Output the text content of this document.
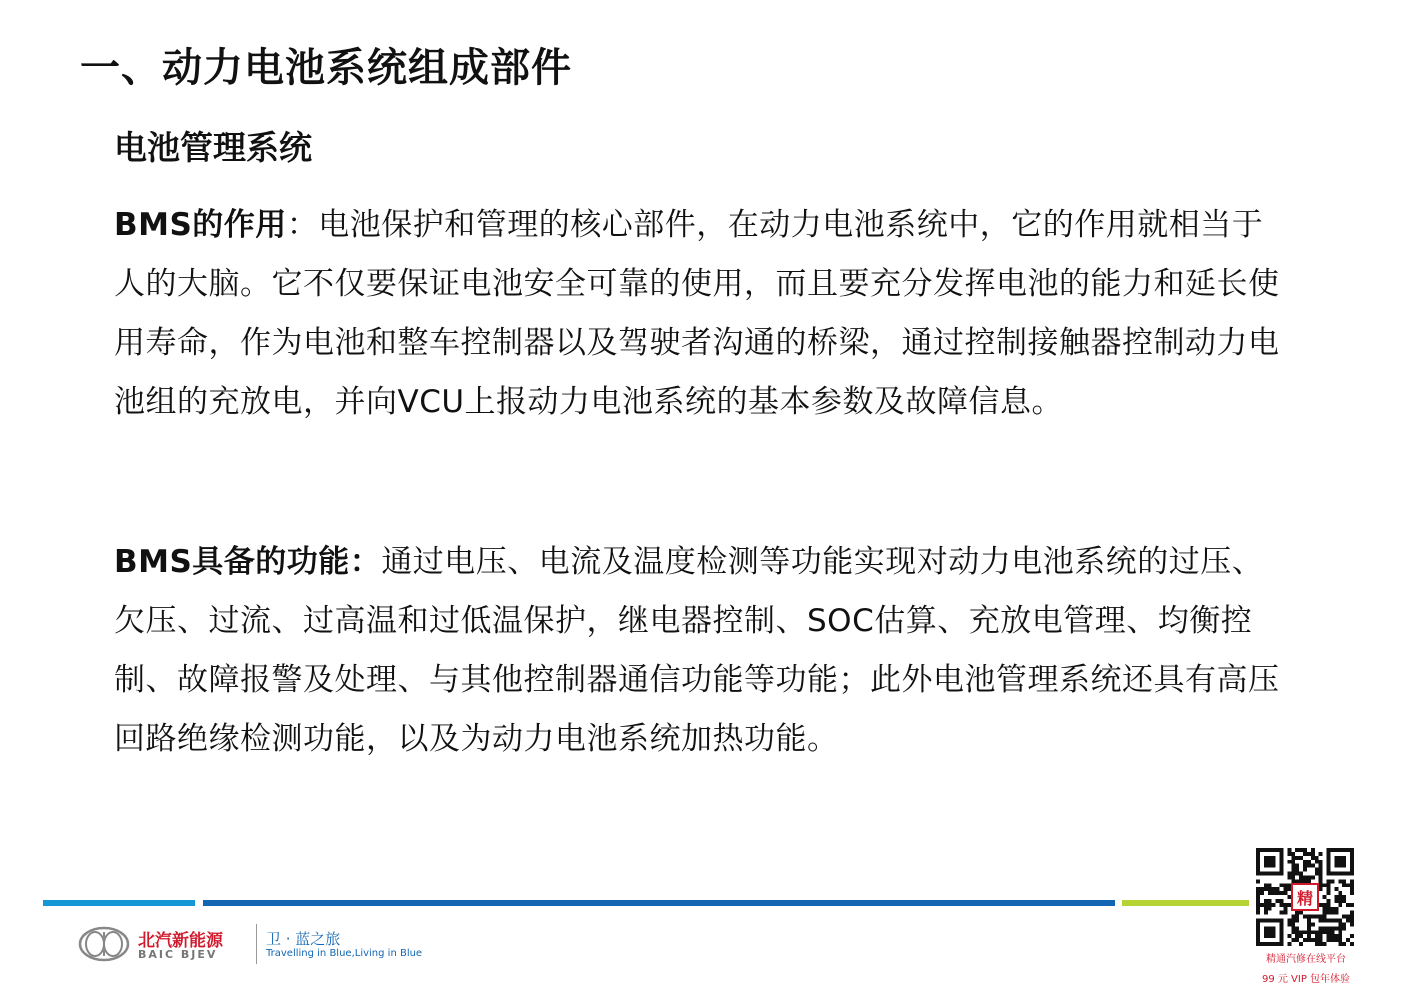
一、动力电池系统组成部件
电池管理系统
BMS的作用：电池保护和管理的核心部件，在动力电池系统中，它的作用就相当于人的大脑。它不仅要保证电池安全可靠的使用，而且要充分发挥电池的能力和延长使用寿命，作为电池和整车控制器以及驾驶者沟通的桥梁，通过控制接触器控制动力电池组的充放电，并向VCU上报动力电池系统的基本参数及故障信息。
BMS具备的功能：通过电压、电流及温度检测等功能实现对动力电池系统的过压、欠压、过流、过高温和过低温保护，继电器控制、SOC估算、充放电管理、均衡控制、故障报警及处理、与其他控制器通信功能等功能；此外电池管理系统还具有高压回路绝缘检测功能，以及为动力电池系统加热功能。
北汽新能源
BAIC BJEV
卫 · 蓝之旅
Travelling in Blue,Living in Blue
精
精通汽修在线平台
99 元 VIP 包年体验
